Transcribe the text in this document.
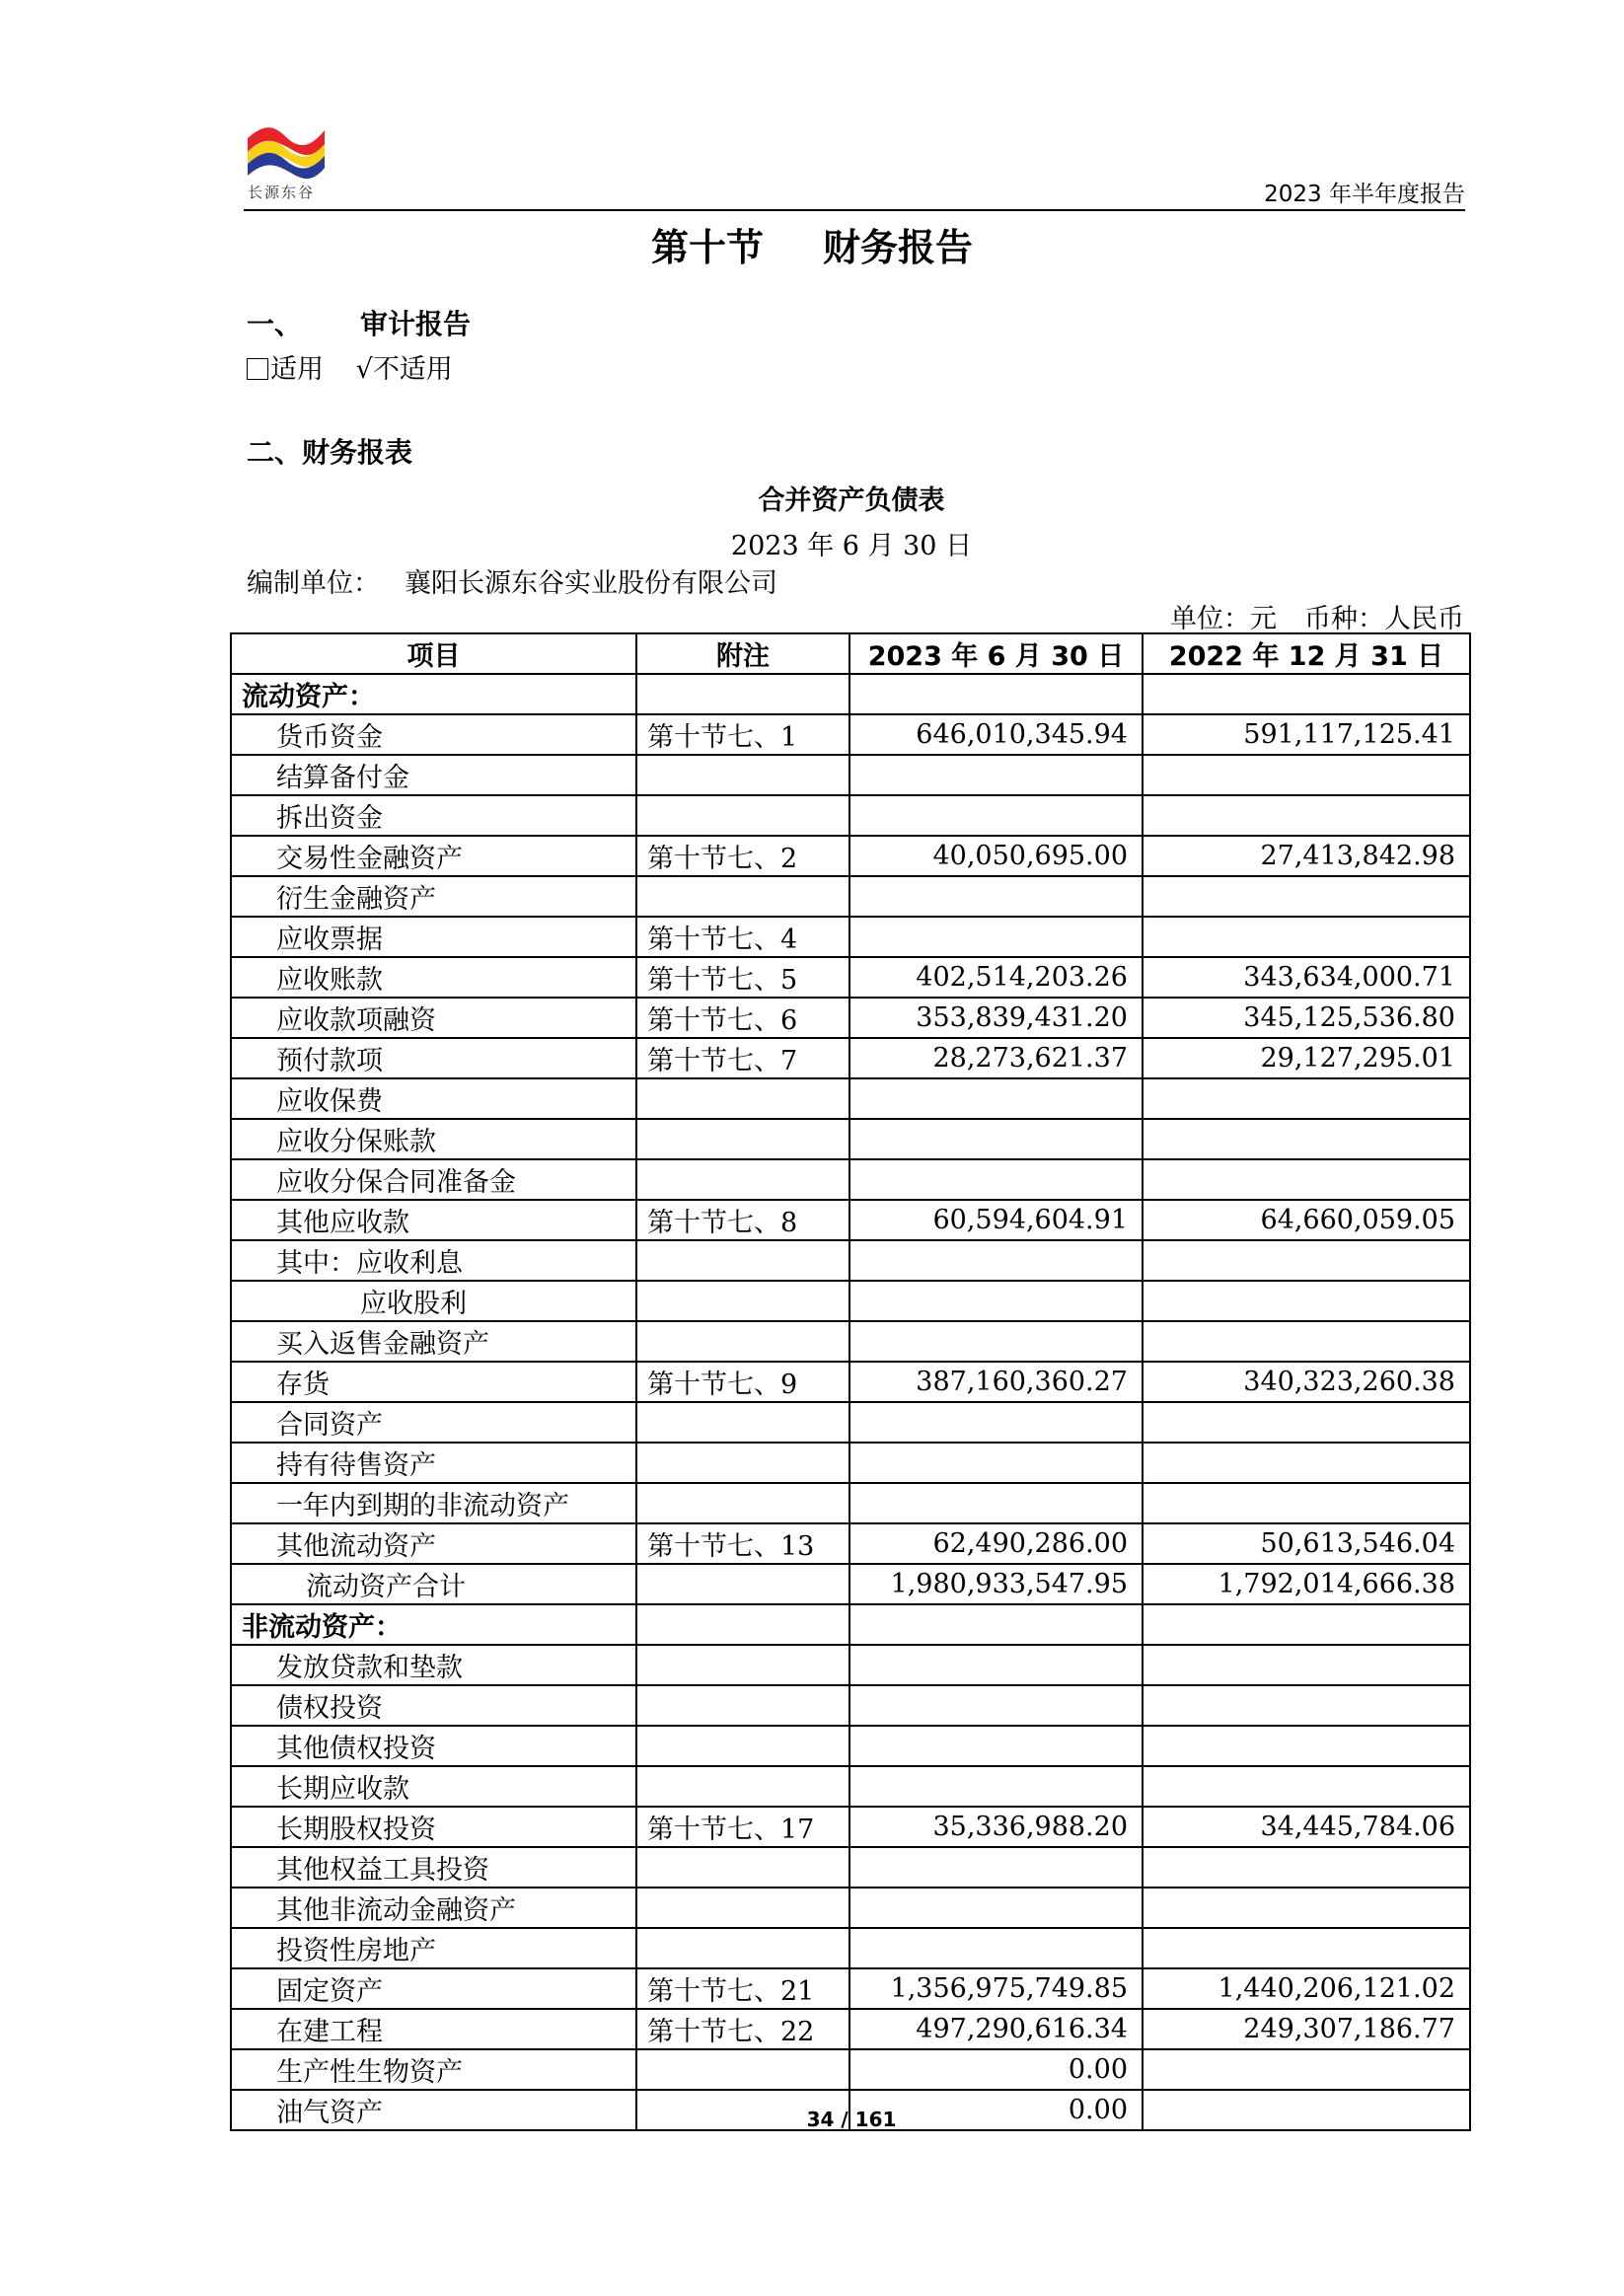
长源东谷	2023 年半年度报告
第十节 财务报告
一、 审计报告
适用 √不适用
二、财务报表
合并资产负债表
2023 年 6 月 30 日
编制单位： 襄阳长源东谷实业股份有限公司
单位：元 币种：人民币
项目	附注	2023 年 6 月 30 日	2022 年 12 月 31 日
流动资产：			
货币资金	第十节七、1	646,010,345.94	591,117,125.41
结算备付金			
拆出资金			
交易性金融资产	第十节七、2	40,050,695.00	27,413,842.98
衍生金融资产			
应收票据	第十节七、4		
应收账款	第十节七、5	402,514,203.26	343,634,000.71
应收款项融资	第十节七、6	353,839,431.20	345,125,536.80
预付款项	第十节七、7	28,273,621.37	29,127,295.01
应收保费			
应收分保账款			
应收分保合同准备金			
其他应收款	第十节七、8	60,594,604.91	64,660,059.05
其中：应收利息			
应收股利			
买入返售金融资产			
存货	第十节七、9	387,160,360.27	340,323,260.38
合同资产			
持有待售资产			
一年内到期的非流动资产			
其他流动资产	第十节七、13	62,490,286.00	50,613,546.04
流动资产合计		1,980,933,547.95	1,792,014,666.38
非流动资产：			
发放贷款和垫款			
债权投资			
其他债权投资			
长期应收款			
长期股权投资	第十节七、17	35,336,988.20	34,445,784.06
其他权益工具投资			
其他非流动金融资产			
投资性房地产			
固定资产	第十节七、21	1,356,975,749.85	1,440,206,121.02
在建工程	第十节七、22	497,290,616.34	249,307,186.77
生产性生物资产		0.00	
油气资产		0.00	
34 / 161
